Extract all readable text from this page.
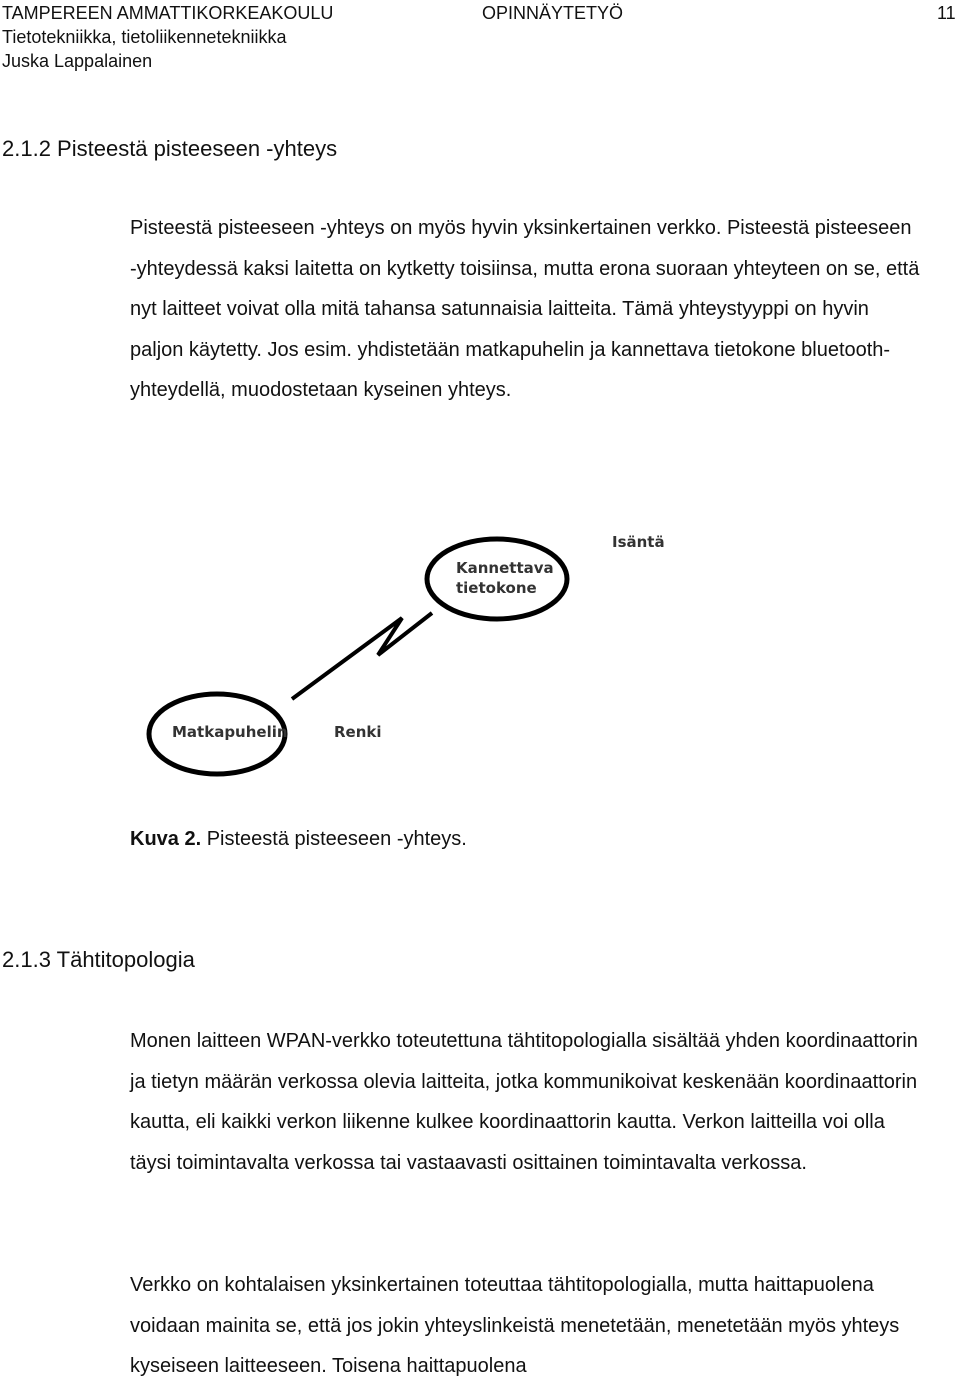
TAMPEREEN AMMATTIKORKEAKOULU	OPINNÄYTETYÖ	11
Tietotekniikka, tietoliikennetekniikka
Juska Lappalainen
2.1.2 Pisteestä pisteeseen -yhteys

Pisteestä pisteeseen -yhteys on myös hyvin yksinkertainen verkko. Pisteestä pisteeseen -yhteydessä kaksi laitetta on kytketty toisiinsa, mutta erona suoraan yhteyteen on se, että nyt laitteet voivat olla mitä tahansa satunnaisia laitteita. Tämä yhteystyyppi on hyvin paljon käytetty. Jos esim. yhdistetään matkapuhelin ja kannettava tietokone bluetooth-yhteydellä, muodostetaan kyseinen yhteys.

Isäntä
Kannettava
tietokone
Matkapuhelin	Renki
Kuva 2. Pisteestä pisteeseen -yhteys.
2.1.3 Tähtitopologia

Monen laitteen WPAN-verkko toteutettuna tähtitopologialla sisältää yhden koordinaattorin ja tietyn määrän verkossa olevia laitteita, jotka kommunikoivat keskenään koordinaattorin kautta, eli kaikki verkon liikenne kulkee koordinaattorin kautta. Verkon laitteilla voi olla täysi toimintavalta verkossa tai vastaavasti osittainen toimintavalta verkossa.

Verkko on kohtalaisen yksinkertainen toteuttaa tähtitopologialla, mutta haittapuolena voidaan mainita se, että jos jokin yhteyslinkeistä menetetään, menetetään myös yhteys kyseiseen laitteeseen. Toisena haittapuolena
